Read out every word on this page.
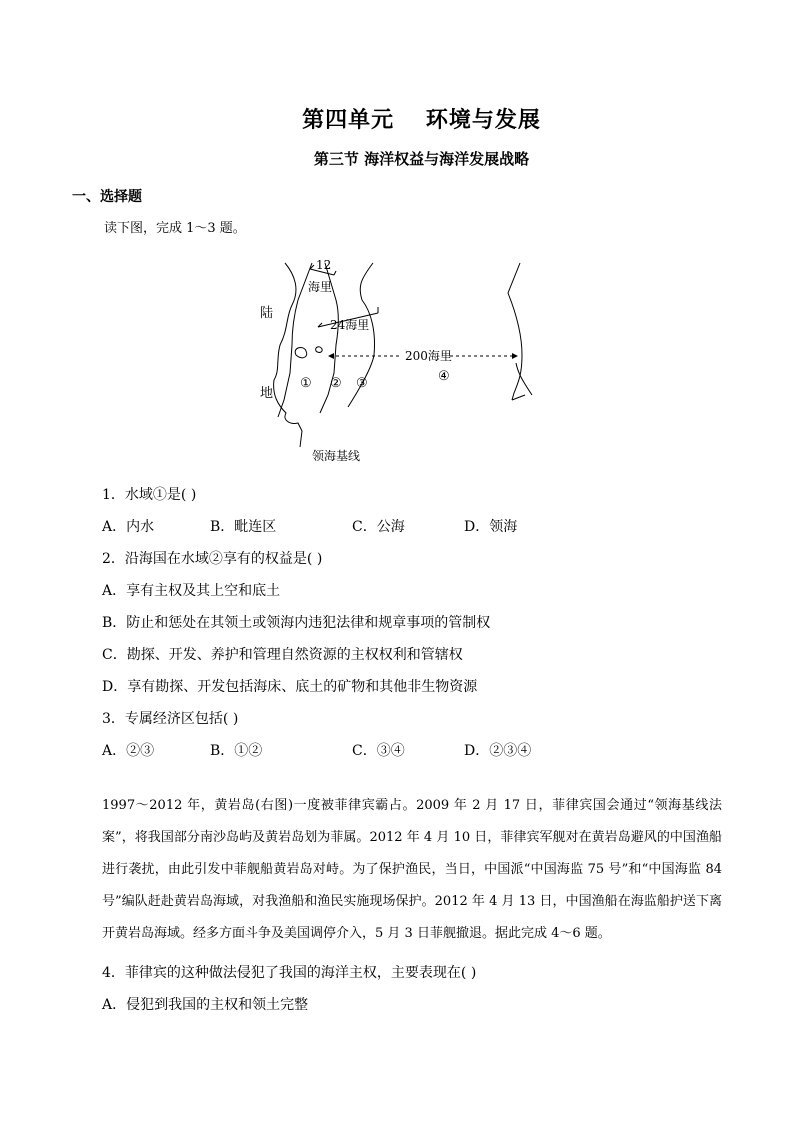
第四单元　 环境与发展
第三节 海洋权益与海洋发展战略
一、选择题
读下图，完成 1～3 题。
陆
地
12
海里
24海里
200海里
④
① ② ③
领海基线
1．水域①是( )
A．内水	B．毗连区	C．公海	D．领海
2．沿海国在水域②享有的权益是( )
A．享有主权及其上空和底土
B．防止和惩处在其领土或领海内违犯法律和规章事项的管制权
C．勘探、开发、养护和管理自然资源的主权权利和管辖权
D．享有勘探、开发包括海床、底土的矿物和其他非生物资源
3．专属经济区包括( )
A．②③	B．①②	C．③④	D．②③④
1997～2012 年，黄岩岛(右图)一度被菲律宾霸占。2009 年 2 月 17 日，菲律宾国会通过“领海基线法案”，将我国部分南沙岛屿及黄岩岛划为菲属。2012 年 4 月 10 日，菲律宾军舰对在黄岩岛避风的中国渔船进行袭扰，由此引发中菲舰船黄岩岛对峙。为了保护渔民，当日，中国派“中国海监 75 号”和“中国海监 84 号”编队赶赴黄岩岛海域，对我渔船和渔民实施现场保护。2012 年 4 月 13 日，中国渔船在海监船护送下离开黄岩岛海域。经多方面斗争及美国调停介入，5 月 3 日菲舰撤退。据此完成 4～6 题。
4．菲律宾的这种做法侵犯了我国的海洋主权，主要表现在( )
A．侵犯到我国的主权和领土完整
